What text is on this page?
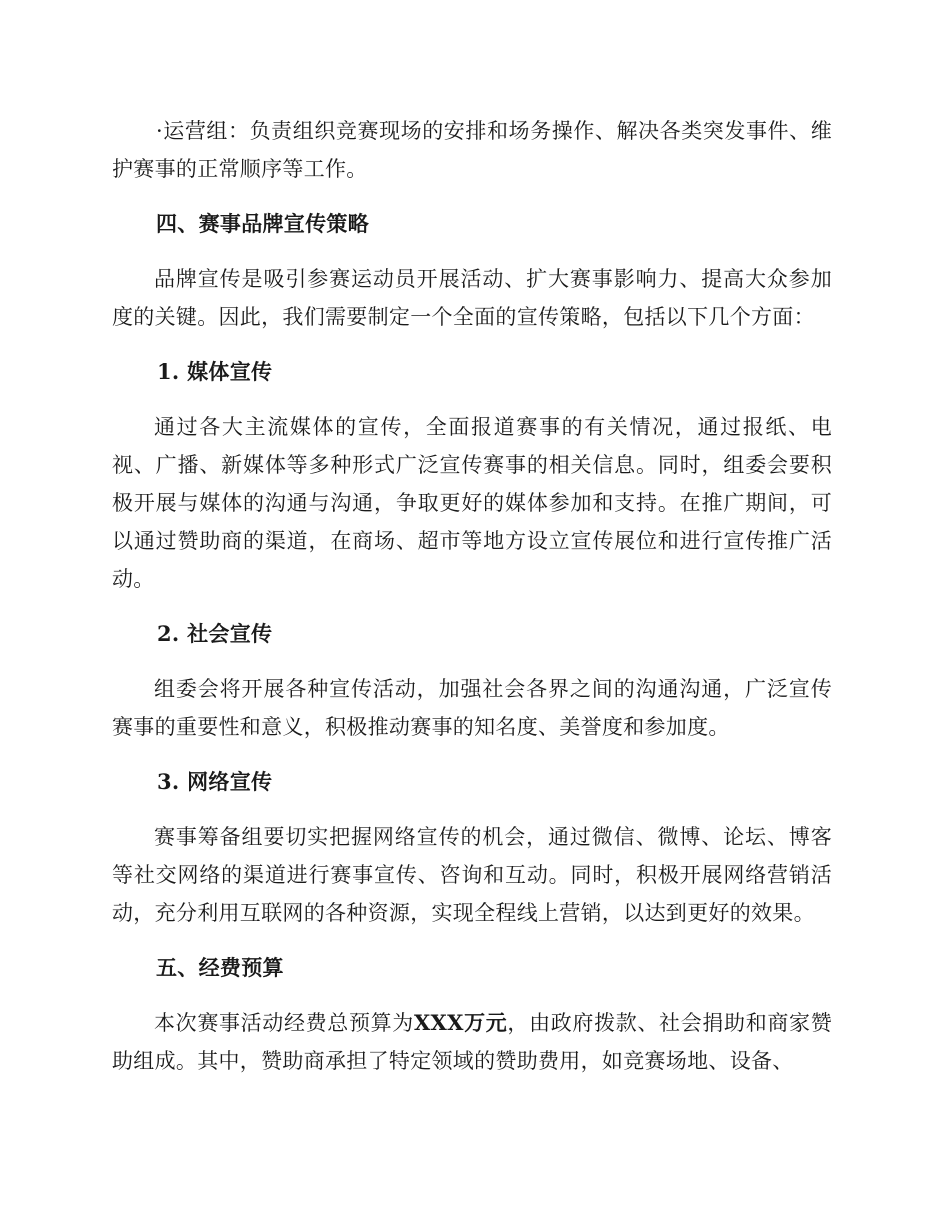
·运营组：负责组织竞赛现场的安排和场务操作、解决各类突发事件、维护赛事的正常顺序等工作。

四、赛事品牌宣传策略

品牌宣传是吸引参赛运动员开展活动、扩大赛事影响力、提高大众参加度的关键。因此，我们需要制定一个全面的宣传策略，包括以下几个方面：

1. 媒体宣传

通过各大主流媒体的宣传，全面报道赛事的有关情况，通过报纸、电视、广播、新媒体等多种形式广泛宣传赛事的相关信息。同时，组委会要积极开展与媒体的沟通与沟通，争取更好的媒体参加和支持。在推广期间，可以通过赞助商的渠道，在商场、超市等地方设立宣传展位和进行宣传推广活动。

2. 社会宣传

组委会将开展各种宣传活动，加强社会各界之间的沟通沟通，广泛宣传赛事的重要性和意义，积极推动赛事的知名度、美誉度和参加度。

3. 网络宣传

赛事筹备组要切实把握网络宣传的机会，通过微信、微博、论坛、博客等社交网络的渠道进行赛事宣传、咨询和互动。同时，积极开展网络营销活动，充分利用互联网的各种资源，实现全程线上营销，以达到更好的效果。

五、经费预算

本次赛事活动经费总预算为XXX万元，由政府拨款、社会捐助和商家赞助组成。其中，赞助商承担了特定领域的赞助费用，如竞赛场地、设备、
